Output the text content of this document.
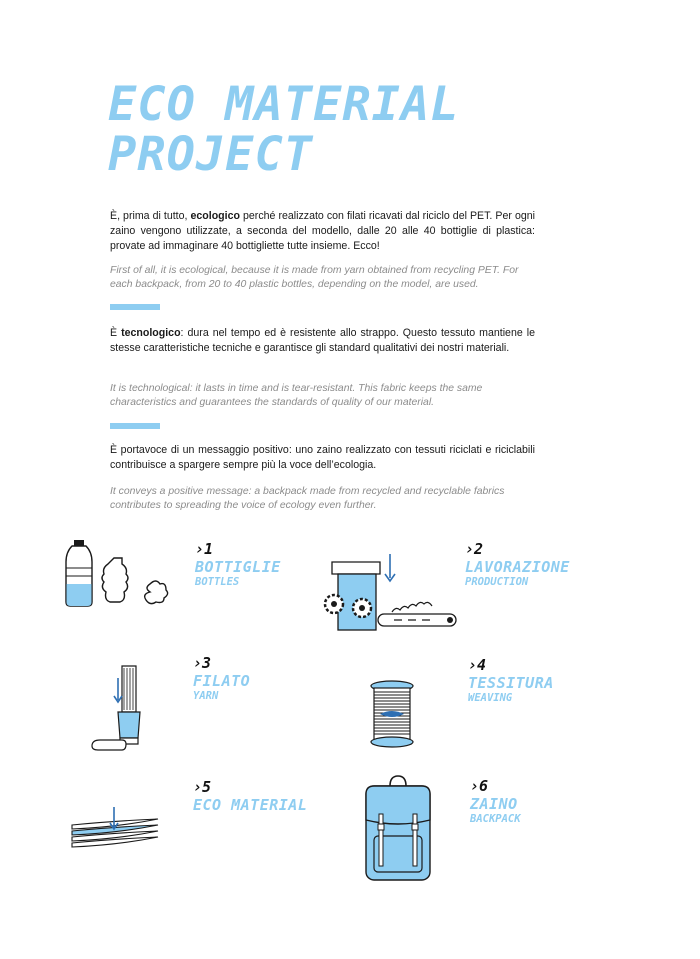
ECO MATERIAL
PROJECT

È, prima di tutto, ecologico perché realizzato con filati ricavati dal riciclo del PET. Per ogni zaino vengono utilizzate, a seconda del modello, dalle 20 alle 40 bottiglie di plastica: provate ad immaginare 40 bottigliette tutte insieme. Ecco!

First of all, it is ecological, because it is made from yarn obtained from recycling PET. For each backpack, from 20 to 40 plastic bottles, depending on the model, are used.

È tecnologico: dura nel tempo ed è resistente allo strappo. Questo tessuto mantiene le stesse caratteristiche tecniche e garantisce gli standard qualitativi dei nostri materiali.

It is technological: it lasts in time and is tear-resistant. This fabric keeps the same characteristics and guarantees the standards of quality of our material.

È portavoce di un messaggio positivo: uno zaino realizzato con tessuti riciclati e riciclabili contribuisce a spargere sempre più la voce dell’ecologia.

It conveys a positive message: a backpack made from recycled and recyclable fabrics contributes to spreading the voice of ecology even further.

›1
BOTTIGLIE
BOTTLES
›2
LAVORAZIONE
PRODUCTION
›3
FILATO
YARN
›4
TESSITURA
WEAVING
›5
ECO MATERIAL
›6
ZAINO
BACKPACK
